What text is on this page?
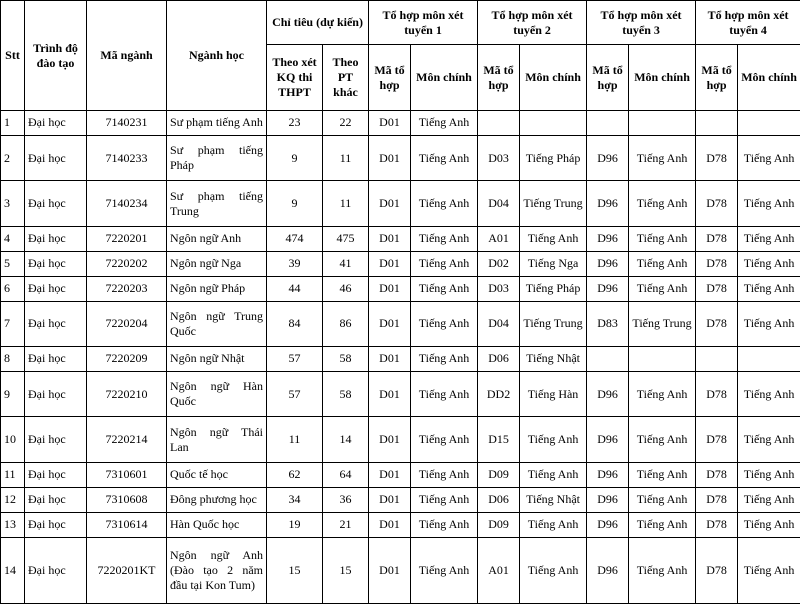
Stt	Trình độ đào tạo	Mã ngành	Ngành học	Chỉ tiêu (dự kiến)		Tổ hợp môn xét tuyển 1		Tổ hợp môn xét tuyển 2		Tổ hợp môn xét tuyển 3		Tổ hợp môn xét tuyển 4	
				Theo xét KQ thi THPT	Theo PT khác	Mã tổ hợp	Môn chính	Mã tổ hợp	Môn chính	Mã tổ hợp	Môn chính	Mã tổ hợp	Môn chính
1	Đại học	7140231	Sư phạm tiếng Anh	23	22	D01	Tiếng Anh						
2	Đại học	7140233	Sư phạm tiếng Pháp	9	11	D01	Tiếng Anh	D03	Tiếng Pháp	D96	Tiếng Anh	D78	Tiếng Anh
3	Đại học	7140234	Sư phạm tiếng Trung	9	11	D01	Tiếng Anh	D04	Tiếng Trung	D96	Tiếng Anh	D78	Tiếng Anh
4	Đại học	7220201	Ngôn ngữ Anh	474	475	D01	Tiếng Anh	A01	Tiếng Anh	D96	Tiếng Anh	D78	Tiếng Anh
5	Đại học	7220202	Ngôn ngữ Nga	39	41	D01	Tiếng Anh	D02	Tiếng Nga	D96	Tiếng Anh	D78	Tiếng Anh
6	Đại học	7220203	Ngôn ngữ Pháp	44	46	D01	Tiếng Anh	D03	Tiếng Pháp	D96	Tiếng Anh	D78	Tiếng Anh
7	Đại học	7220204	Ngôn ngữ Trung Quốc	84	86	D01	Tiếng Anh	D04	Tiếng Trung	D83	Tiếng Trung	D78	Tiếng Anh
8	Đại học	7220209	Ngôn ngữ Nhật	57	58	D01	Tiếng Anh	D06	Tiếng Nhật				
9	Đại học	7220210	Ngôn ngữ Hàn Quốc	57	58	D01	Tiếng Anh	DD2	Tiếng Hàn	D96	Tiếng Anh	D78	Tiếng Anh
10	Đại học	7220214	Ngôn ngữ Thái Lan	11	14	D01	Tiếng Anh	D15	Tiếng Anh	D96	Tiếng Anh	D78	Tiếng Anh
11	Đại học	7310601	Quốc tế học	62	64	D01	Tiếng Anh	D09	Tiếng Anh	D96	Tiếng Anh	D78	Tiếng Anh
12	Đại học	7310608	Đông phương học	34	36	D01	Tiếng Anh	D06	Tiếng Nhật	D96	Tiếng Anh	D78	Tiếng Anh
13	Đại học	7310614	Hàn Quốc học	19	21	D01	Tiếng Anh	D09	Tiếng Anh	D96	Tiếng Anh	D78	Tiếng Anh
14	Đại học	7220201KT	Ngôn ngữ Anh (Đào tạo 2 năm đầu tại Kon Tum)	15	15	D01	Tiếng Anh	A01	Tiếng Anh	D96	Tiếng Anh	D78	Tiếng Anh
